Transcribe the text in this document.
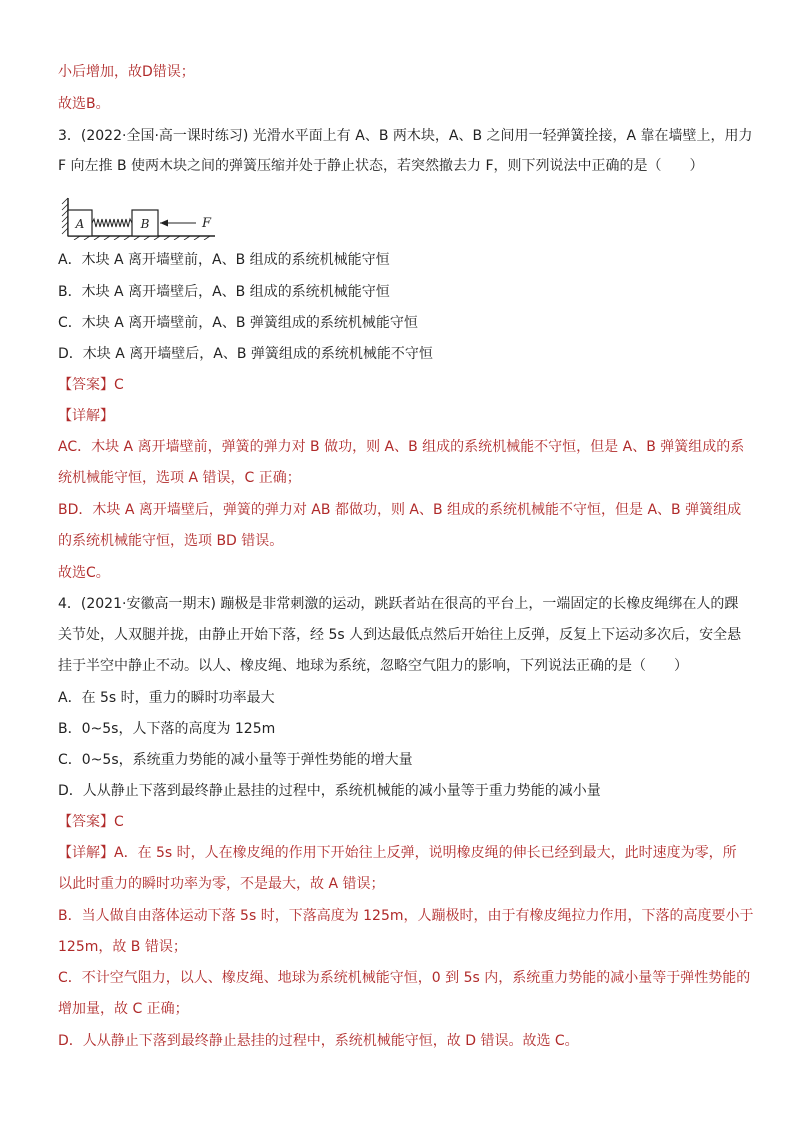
小后增加，故D错误；
故选B。
3．(2022·全国·高一课时练习) 光滑水平面上有 A、B 两木块，A、B 之间用一轻弹簧拴接，A 靠在墙壁上，用力
F 向左推 B 使两木块之间的弹簧压缩并处于静止状态，若突然撤去力 F，则下列说法中正确的是（　　）
A	B	F
A．木块 A 离开墙壁前，A、B 组成的系统机械能守恒
B．木块 A 离开墙壁后，A、B 组成的系统机械能守恒
C．木块 A 离开墙壁前，A、B 弹簧组成的系统机械能守恒
D．木块 A 离开墙壁后，A、B 弹簧组成的系统机械能不守恒
【答案】C
【详解】
AC．木块 A 离开墙壁前，弹簧的弹力对 B 做功，则 A、B 组成的系统机械能不守恒，但是 A、B 弹簧组成的系
统机械能守恒，选项 A 错误，C 正确；
BD．木块 A 离开墙壁后，弹簧的弹力对 AB 都做功，则 A、B 组成的系统机械能不守恒，但是 A、B 弹簧组成
的系统机械能守恒，选项 BD 错误。
故选C。
4．(2021·安徽高一期末) 蹦极是非常刺激的运动，跳跃者站在很高的平台上，一端固定的长橡皮绳绑在人的踝
关节处，人双腿并拢，由静止开始下落，经 5s 人到达最低点然后开始往上反弹，反复上下运动多次后，安全悬
挂于半空中静止不动。以人、橡皮绳、地球为系统，忽略空气阻力的影响，下列说法正确的是（　　）
A．在 5s 时，重力的瞬时功率最大
B．0~5s，人下落的高度为 125m
C．0~5s，系统重力势能的减小量等于弹性势能的增大量
D．人从静止下落到最终静止悬挂的过程中，系统机械能的减小量等于重力势能的减小量
【答案】C
【详解】A．在 5s 时，人在橡皮绳的作用下开始往上反弹，说明橡皮绳的伸长已经到最大，此时速度为零，所
以此时重力的瞬时功率为零，不是最大，故 A 错误；
B．当人做自由落体运动下落 5s 时，下落高度为 125m，人蹦极时，由于有橡皮绳拉力作用，下落的高度要小于
125m，故 B 错误；
C．不计空气阻力，以人、橡皮绳、地球为系统机械能守恒，0 到 5s 内，系统重力势能的减小量等于弹性势能的
增加量，故 C 正确；
D．人从静止下落到最终静止悬挂的过程中，系统机械能守恒，故 D 错误。故选 C。
